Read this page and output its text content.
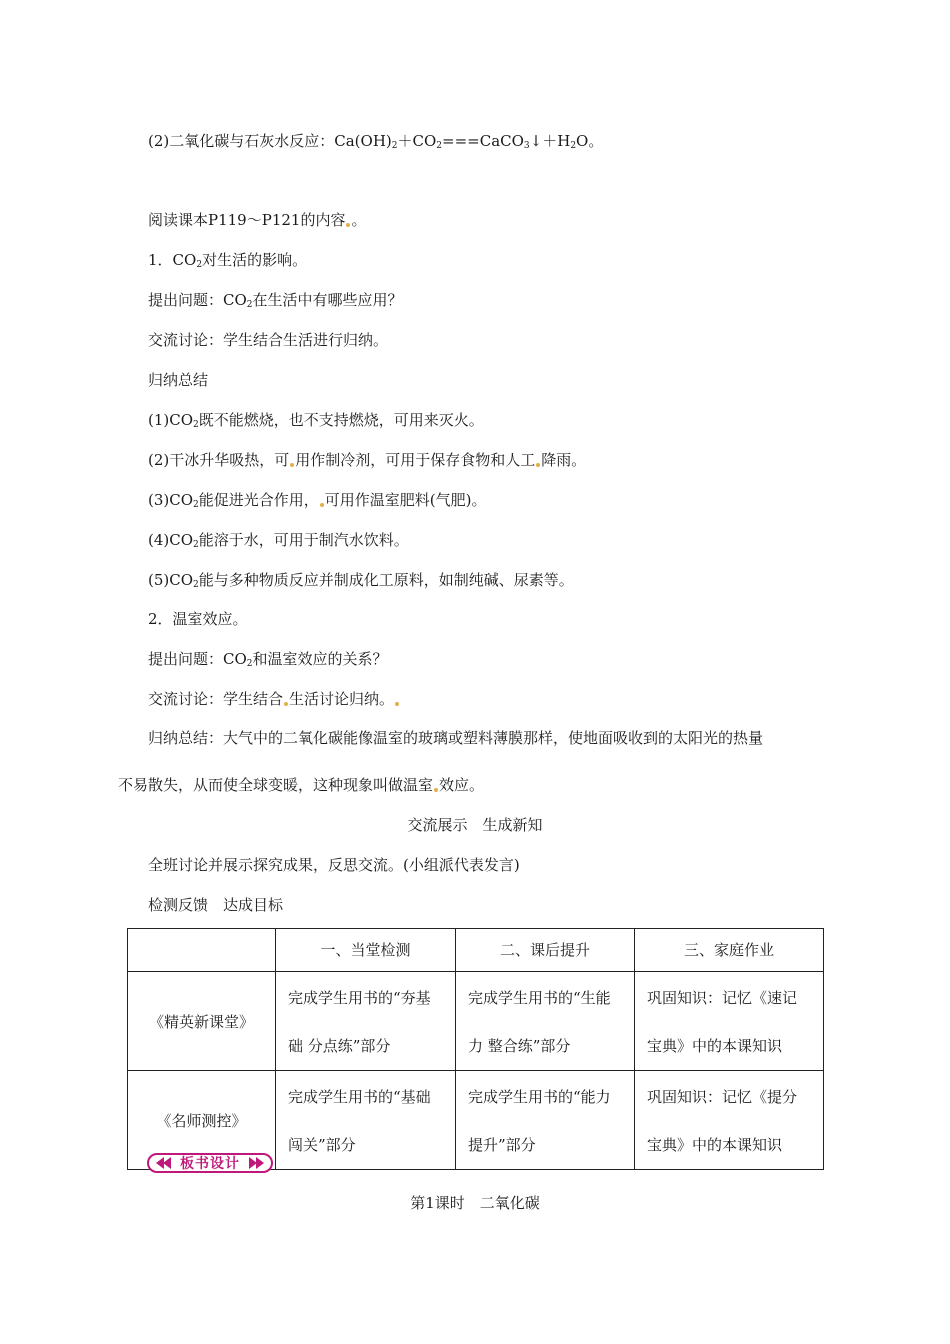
(2)二氧化碳与石灰水反应：$Ca(OH)_2+CO_2===CaCO_3↓+H_2O$。
阅读课本P119～P121的内容 。
1．$CO_2$对生活的影响。
提出问题：$CO_2$在生活中有哪些应用？
交流讨论：学生结合生活进行归纳。
归纳总结
$(1)CO_2$既不能燃烧，也不支持燃烧，可用来灭火。
(2)干冰升华吸热，可 用作制冷剂，可用于保存食物和人工 降雨。
$(3)CO_2$能促进光合作用， 可用作温室肥料(气肥)。
$(4)CO_2$能溶于水，可用于制汽水饮料。
$(5)CO_2$能与多种物质反应并制成化工原料，如制纯碱、尿素等。
2．温室效应。
提出问题：$CO_2$和温室效应的关系？
交流讨论：学生结合 生活讨论归纳。
归纳总结：大气中的二氧化碳能像温室的玻璃或塑料薄膜那样，使地面吸收到的太阳光的热量
不易散失，从而使全球变暖，这种现象叫做温室 效应。
交流展示　生成新知
全班讨论并展示探究成果，反思交流。(小组派代表发言)
检测反馈　达成目标
	一、当堂检测	二、课后提升	三、家庭作业
《精英新课堂》	完成学生用书的“夯基础 分点练”部分	完成学生用书的“生能力 整合练”部分	巩固知识：记忆《速记宝典》中的本课知识
《名师测控》	完成学生用书的“基础闯关”部分	完成学生用书的“能力提升”部分	巩固知识：记忆《提分宝典》中的本课知识
板书设计
第1课时　二氧化碳
